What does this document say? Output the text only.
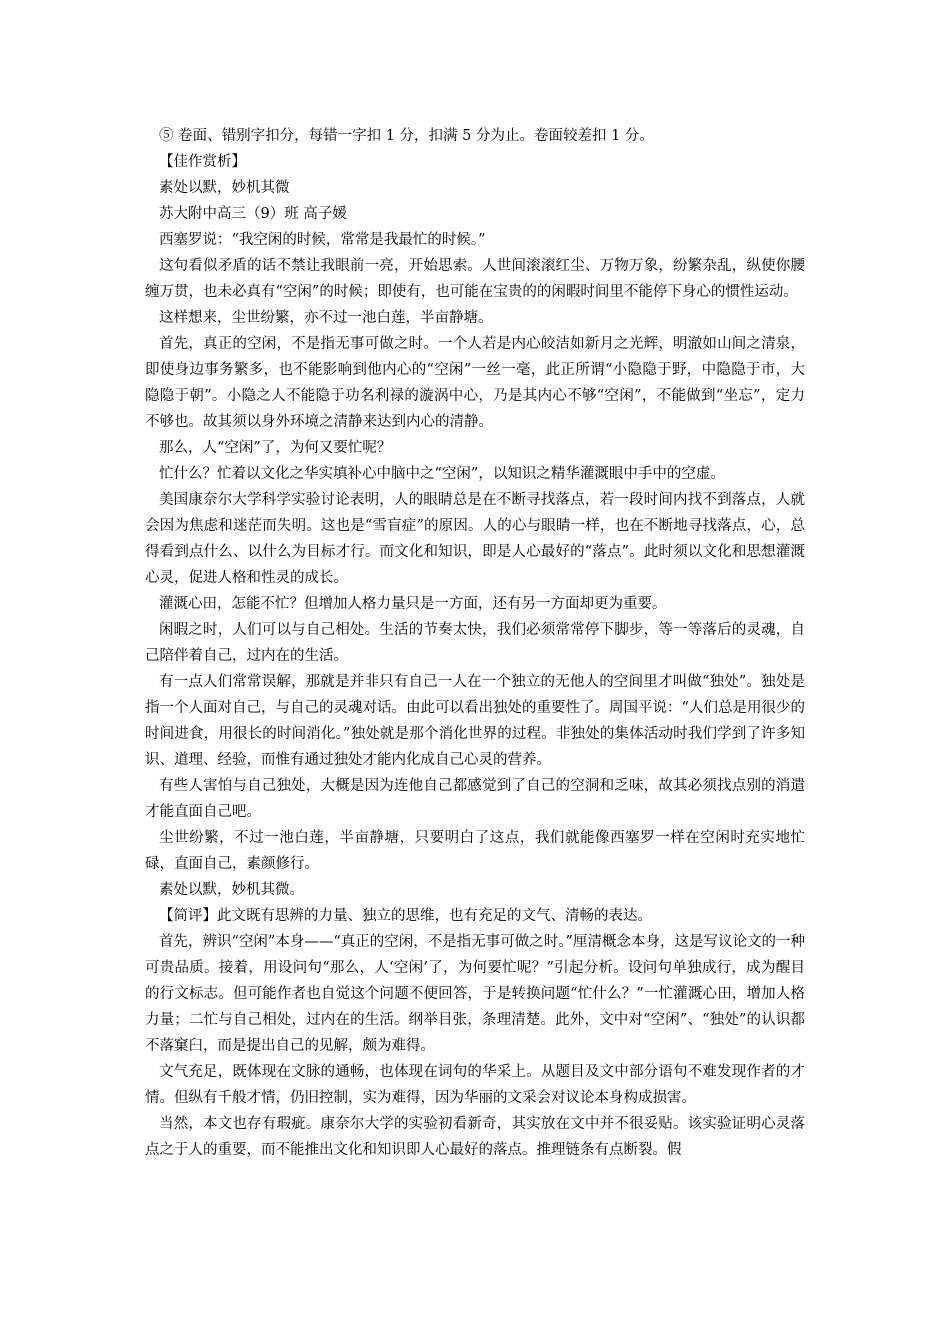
⑤ 卷面、错别字扣分，每错一字扣 1 分，扣满 5 分为止。卷面较差扣 1 分。

【佳作赏析】

素处以默，妙机其微

苏大附中高三（9）班 高子媛

西塞罗说：“我空闲的时候，常常是我最忙的时候。”

这句看似矛盾的话不禁让我眼前一亮，开始思索。人世间滚滚红尘、万物万象，纷繁杂乱，纵使你腰缠万贯，也未必真有“空闲”的时候；即使有，也可能在宝贵的的闲暇时间里不能停下身心的惯性运动。

这样想来，尘世纷繁，亦不过一池白莲，半亩静塘。

首先，真正的空闲，不是指无事可做之时。一个人若是内心皎洁如新月之光辉，明澈如山间之清泉，即使身边事务繁多，也不能影响到他内心的“空闲”一丝一毫，此正所谓“小隐隐于野，中隐隐于市，大隐隐于朝”。小隐之人不能隐于功名利禄的漩涡中心，乃是其内心不够“空闲”，不能做到“坐忘”，定力不够也。故其须以身外环境之清静来达到内心的清静。

那么，人“空闲”了，为何又要忙呢？

忙什么？忙着以文化之华实填补心中脑中之“空闲”，以知识之精华灌溉眼中手中的空虚。

美国康奈尔大学科学实验讨论表明，人的眼睛总是在不断寻找落点，若一段时间内找不到落点，人就会因为焦虑和迷茫而失明。这也是“雪盲症”的原因。人的心与眼睛一样，也在不断地寻找落点，心，总得看到点什么、以什么为目标才行。而文化和知识，即是人心最好的“落点”。此时须以文化和思想灌溉心灵，促进人格和性灵的成长。

灌溉心田，怎能不忙？但增加人格力量只是一方面，还有另一方面却更为重要。

闲暇之时，人们可以与自己相处。生活的节奏太快，我们必须常常停下脚步，等一等落后的灵魂，自己陪伴着自己，过内在的生活。

有一点人们常常误解，那就是并非只有自己一人在一个独立的无他人的空间里才叫做“独处”。独处是指一个人面对自己，与自己的灵魂对话。由此可以看出独处的重要性了。周国平说：“人们总是用很少的时间进食，用很长的时间消化。”独处就是那个消化世界的过程。非独处的集体活动时我们学到了许多知识、道理、经验，而惟有通过独处才能内化成自己心灵的营养。

有些人害怕与自己独处，大概是因为连他自己都感觉到了自己的空洞和乏味，故其必须找点别的消遣才能直面自己吧。

尘世纷繁，不过一池白莲，半亩静塘，只要明白了这点，我们就能像西塞罗一样在空闲时充实地忙碌，直面自己，素颜修行。

素处以默，妙机其微。

【简评】此文既有思辨的力量、独立的思维，也有充足的文气、清畅的表达。

首先，辨识“空闲”本身——“真正的空闲，不是指无事可做之时。”厘清概念本身，这是写议论文的一种可贵品质。接着，用设问句“那么，人‘空闲’了，为何要忙呢？”引起分析。设问句单独成行，成为醒目的行文标志。但可能作者也自觉这个问题不便回答，于是转换问题“忙什么？”一忙灌溉心田，增加人格力量；二忙与自己相处，过内在的生活。纲举目张，条理清楚。此外，文中对“空闲”、“独处”的认识都不落窠臼，而是提出自己的见解，颇为难得。

文气充足，既体现在文脉的通畅，也体现在词句的华采上。从题目及文中部分语句不难发现作者的才情。但纵有千般才情，仍旧控制，实为难得，因为华丽的文采会对议论本身构成损害。

当然，本文也存有瑕疵。康奈尔大学的实验初看新奇，其实放在文中并不很妥贴。该实验证明心灵落点之于人的重要，而不能推出文化和知识即人心最好的落点。推理链条有点断裂。假
